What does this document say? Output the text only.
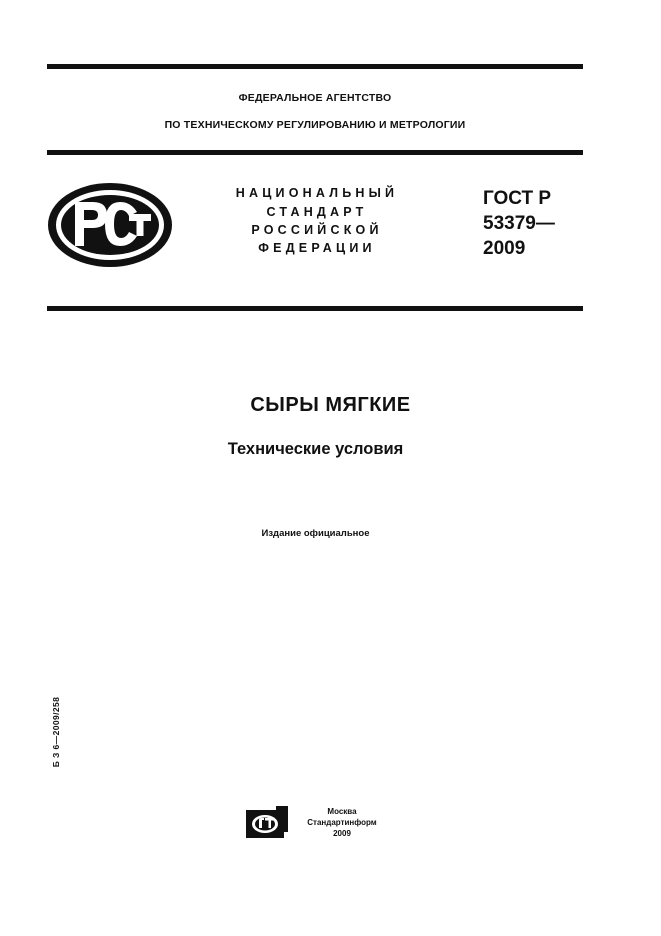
ФЕДЕРАЛЬНОЕ АГЕНТСТВО
ПО ТЕХНИЧЕСКОМУ РЕГУЛИРОВАНИЮ И МЕТРОЛОГИИ
НАЦИОНАЛЬНЫЙ
СТАНДАРТ
РОССИЙСКОЙ
ФЕДЕРАЦИИ
ГОСТ Р
53379—
2009
СЫРЫ МЯГКИЕ
Технические условия
Издание официальное
Б З 6—2009/258
Москва
Стандартинформ
2009
